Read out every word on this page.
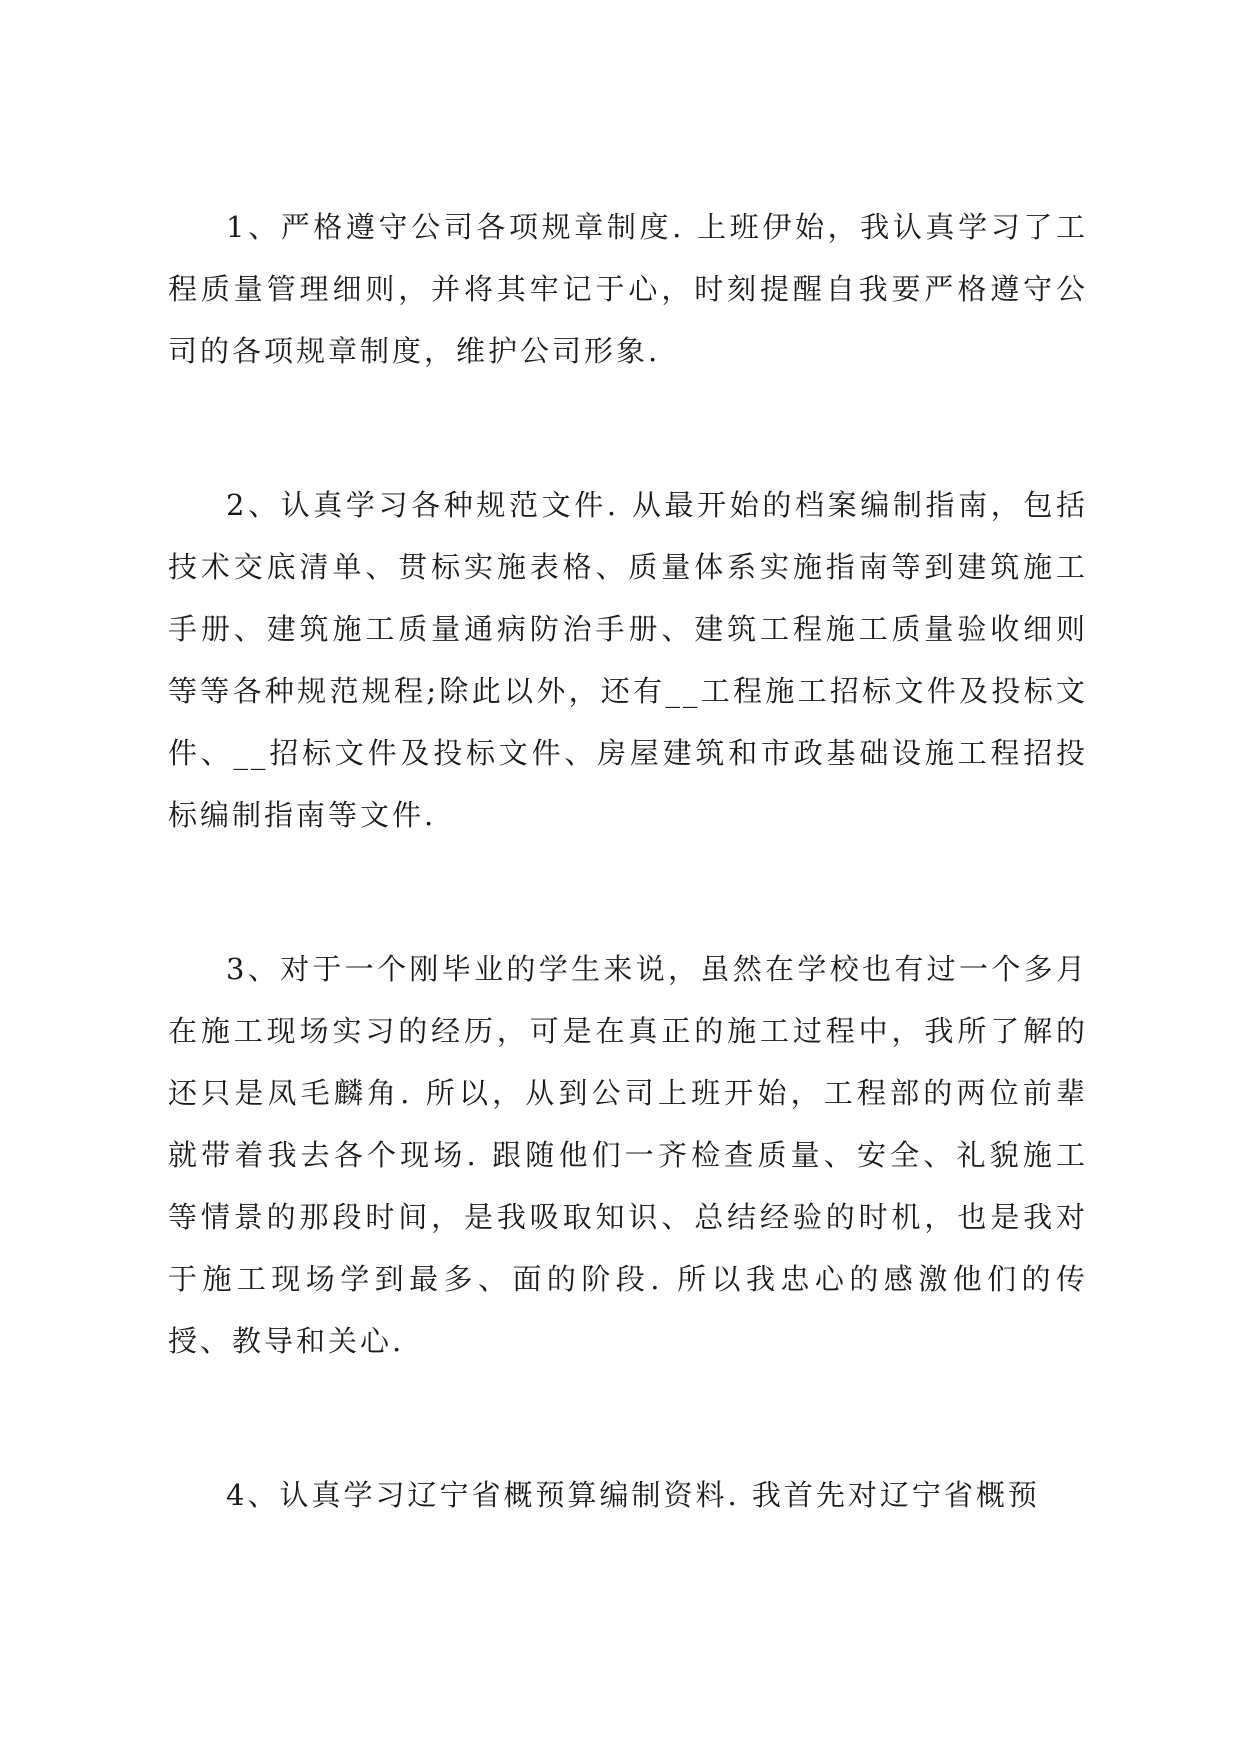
1、严格遵守公司各项规章制度. 上班伊始，我认真学习了工程质量管理细则，并将其牢记于心，时刻提醒自我要严格遵守公司的各项规章制度，维护公司形象.

2、认真学习各种规范文件. 从最开始的档案编制指南，包括技术交底清单、贯标实施表格、质量体系实施指南等到建筑施工手册、建筑施工质量通病防治手册、建筑工程施工质量验收细则等等各种规范规程;除此以外，还有__工程施工招标文件及投标文件、__招标文件及投标文件、房屋建筑和市政基础设施工程招投标编制指南等文件.

3、对于一个刚毕业的学生来说，虽然在学校也有过一个多月在施工现场实习的经历，可是在真正的施工过程中，我所了解的还只是凤毛麟角. 所以，从到公司上班开始，工程部的两位前辈就带着我去各个现场. 跟随他们一齐检查质量、安全、礼貌施工等情景的那段时间，是我吸取知识、总结经验的时机，也是我对于施工现场学到最多、面的阶段. 所以我忠心的感激他们的传授、教导和关心.

4、认真学习辽宁省概预算编制资料. 我首先对辽宁省概预
